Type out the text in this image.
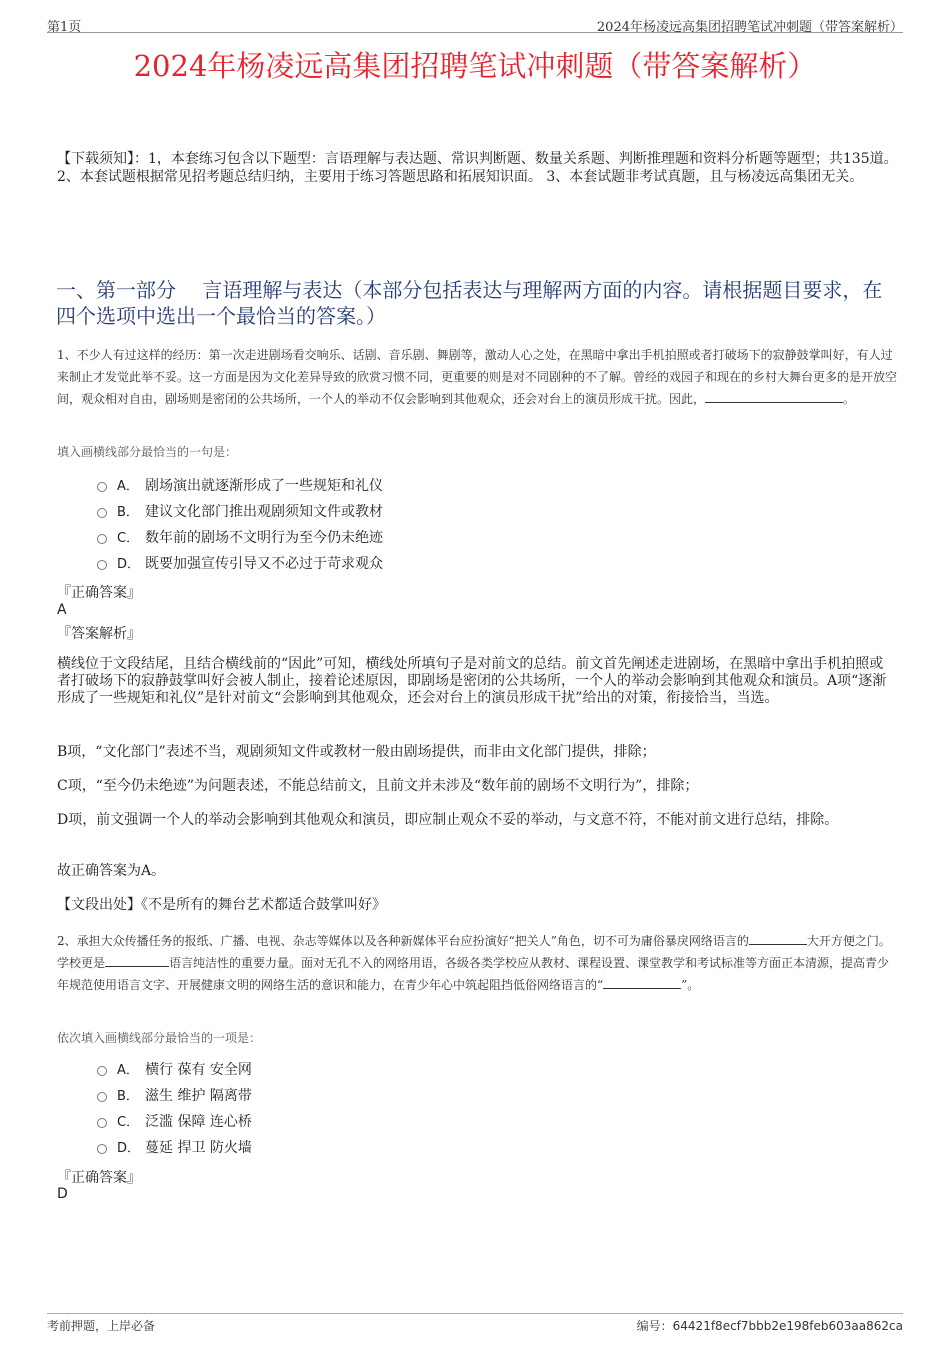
第1页	2024年杨凌远高集团招聘笔试冲刺题（带答案解析）
2024年杨凌远高集团招聘笔试冲刺题（带答案解析）
【下载须知】：1，本套练习包含以下题型：言语理解与表达题、常识判断题、数量关系题、判断推理题和资料分析题等题型；共135道。 2、本套试题根据常见招考题总结归纳，主要用于练习答题思路和拓展知识面。 3、本套试题非考试真题，且与杨凌远高集团无关。
一、第一部分　 言语理解与表达（本部分包括表达与理解两方面的内容。请根据题目要求，在四个选项中选出一个最恰当的答案。）
1、不少人有过这样的经历：第一次走进剧场看交响乐、话剧、音乐剧、舞剧等，激动人心之处，在黑暗中拿出手机拍照或者打破场下的寂静鼓掌叫好，有人过来制止才发觉此举不妥。这一方面是因为文化差异导致的欣赏习惯不同，更重要的则是对不同剧种的不了解。曾经的戏园子和现在的乡村大舞台更多的是开放空间，观众相对自由，剧场则是密闭的公共场所，一个人的举动不仅会影响到其他观众，还会对台上的演员形成干扰。因此，	。
填入画横线部分最恰当的一句是：
A． 剧场演出就逐渐形成了一些规矩和礼仪
B． 建议文化部门推出观剧须知文件或教材
C． 数年前的剧场不文明行为至今仍未绝迹
D． 既要加强宣传引导又不必过于苛求观众
『正确答案』
A
『答案解析』
横线位于文段结尾，且结合横线前的“因此”可知，横线处所填句子是对前文的总结。前文首先阐述走进剧场，在黑暗中拿出手机拍照或者打破场下的寂静鼓掌叫好会被人制止，接着论述原因，即剧场是密闭的公共场所，一个人的举动会影响到其他观众和演员。A项“逐渐形成了一些规矩和礼仪”是针对前文“会影响到其他观众，还会对台上的演员形成干扰”给出的对策，衔接恰当，当选。
B项，“文化部门”表述不当，观剧须知文件或教材一般由剧场提供，而非由文化部门提供，排除；
C项，“至今仍未绝迹”为问题表述，不能总结前文，且前文并未涉及“数年前的剧场不文明行为”，排除；
D项，前文强调一个人的举动会影响到其他观众和演员，即应制止观众不妥的举动，与文意不符，不能对前文进行总结，排除。
故正确答案为A。
【文段出处】《不是所有的舞台艺术都适合鼓掌叫好》
2、承担大众传播任务的报纸、广播、电视、杂志等媒体以及各种新媒体平台应扮演好“把关人”角色，切不可为庸俗暴戾网络语言的	大开方便之门。学校更是	语言纯洁性的重要力量。面对无孔不入的网络用语，各级各类学校应从教材、课程设置、课堂教学和考试标准等方面正本清源，提高青少年规范使用语言文字、开展健康文明的网络生活的意识和能力，在青少年心中筑起阻挡低俗网络语言的“	”。
依次填入画横线部分最恰当的一项是：
A． 横行 葆有 安全网
B． 滋生 维护 隔离带
C． 泛滥 保障 连心桥
D． 蔓延 捍卫 防火墙
『正确答案』
D
考前押题，上岸必备	编号：64421f8ecf7bbb2e198feb603aa862ca
